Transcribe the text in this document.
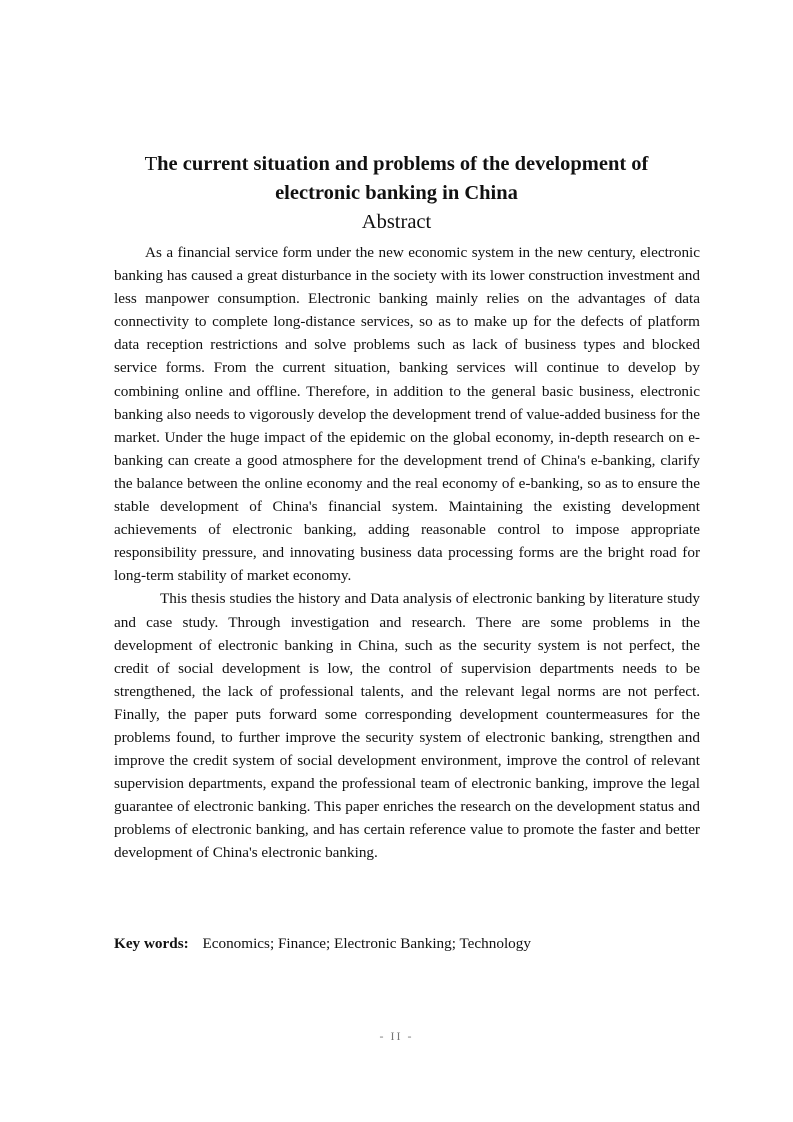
The current situation and problems of the development of electronic banking in China
Abstract

As a financial service form under the new economic system in the new century, electronic banking has caused a great disturbance in the society with its lower construction investment and less manpower consumption. Electronic banking mainly relies on the advantages of data connectivity to complete long-distance services, so as to make up for the defects of platform data reception restrictions and solve problems such as lack of business types and blocked service forms. From the current situation, banking services will continue to develop by combining online and offline. Therefore, in addition to the general basic business, electronic banking also needs to vigorously develop the development trend of value-added business for the market. Under the huge impact of the epidemic on the global economy, in-depth research on e-banking can create a good atmosphere for the development trend of China's e-banking, clarify the balance between the online economy and the real economy of e-banking, so as to ensure the stable development of China's financial system. Maintaining the existing development achievements of electronic banking, adding reasonable control to impose appropriate responsibility pressure, and innovating business data processing forms are the bright road for long-term stability of market economy.

This thesis studies the history and Data analysis of electronic banking by literature study and case study. Through investigation and research. There are some problems in the development of electronic banking in China, such as the security system is not perfect, the credit of social development is low, the control of supervision departments needs to be strengthened, the lack of professional talents, and the relevant legal norms are not perfect. Finally, the paper puts forward some corresponding development countermeasures for the problems found, to further improve the security system of electronic banking, strengthen and improve the credit system of social development environment, improve the control of relevant supervision departments, expand the professional team of electronic banking, improve the legal guarantee of electronic banking. This paper enriches the research on the development status and problems of electronic banking, and has certain reference value to promote the faster and better development of China's electronic banking.

Key words: Economics; Finance; Electronic Banking; Technology
- II -
